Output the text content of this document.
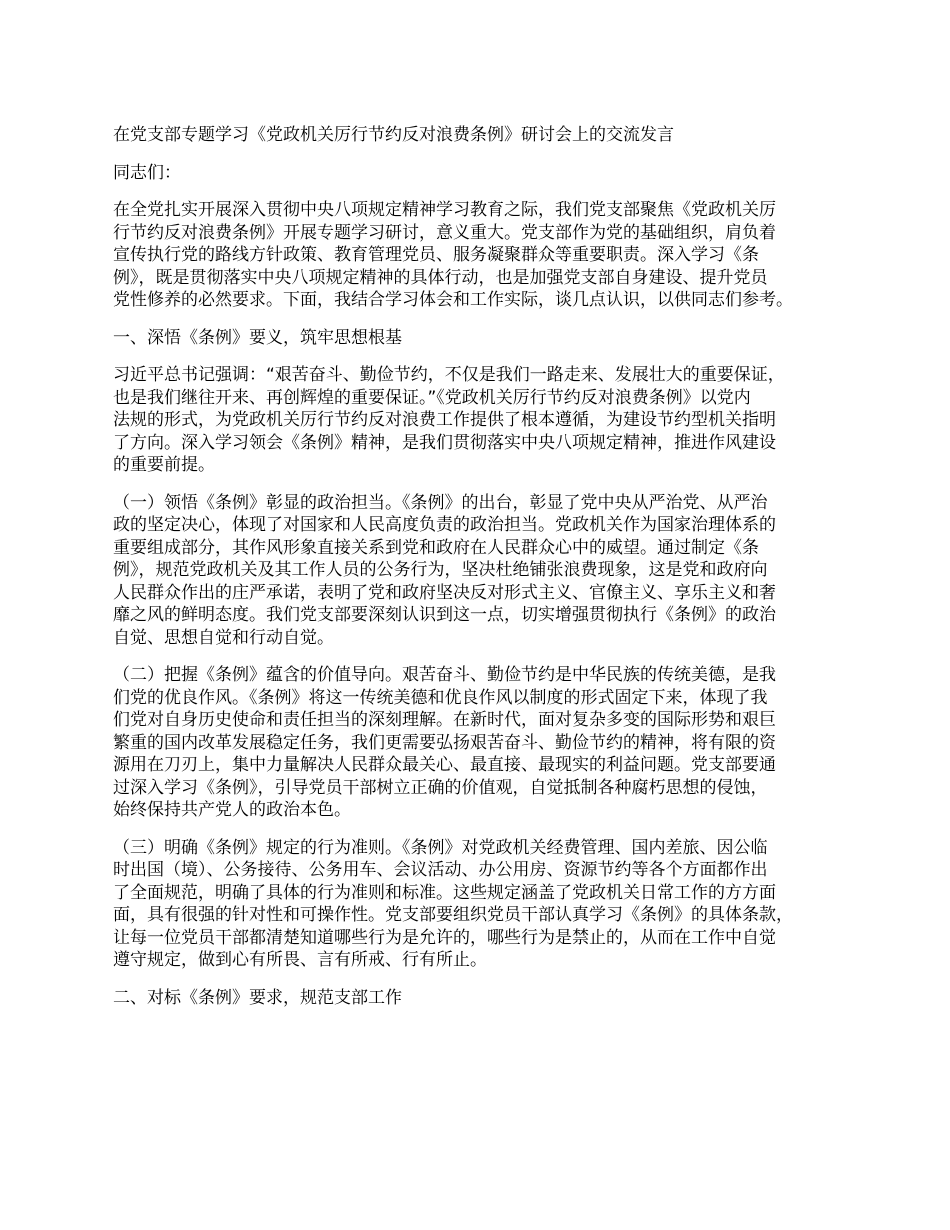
在党支部专题学习《党政机关厉行节约反对浪费条例》研讨会上的交流发言

同志们：

在全党扎实开展深入贯彻中央八项规定精神学习教育之际，我们党支部聚焦《党政机关厉

行节约反对浪费条例》开展专题学习研讨，意义重大。党支部作为党的基础组织，肩负着

宣传执行党的路线方针政策、教育管理党员、服务凝聚群众等重要职责。深入学习《条

例》，既是贯彻落实中央八项规定精神的具体行动，也是加强党支部自身建设、提升党员

党性修养的必然要求。下面，我结合学习体会和工作实际，谈几点认识，以供同志们参考。

一、深悟《条例》要义，筑牢思想根基

习近平总书记强调：“艰苦奋斗、勤俭节约，不仅是我们一路走来、发展壮大的重要保证，

也是我们继往开来、再创辉煌的重要保证。”《党政机关厉行节约反对浪费条例》以党内

法规的形式，为党政机关厉行节约反对浪费工作提供了根本遵循，为建设节约型机关指明

了方向。深入学习领会《条例》精神，是我们贯彻落实中央八项规定精神，推进作风建设

的重要前提。

（一）领悟《条例》彰显的政治担当。《条例》的出台，彰显了党中央从严治党、从严治

政的坚定决心，体现了对国家和人民高度负责的政治担当。党政机关作为国家治理体系的

重要组成部分，其作风形象直接关系到党和政府在人民群众心中的威望。通过制定《条

例》，规范党政机关及其工作人员的公务行为，坚决杜绝铺张浪费现象，这是党和政府向

人民群众作出的庄严承诺，表明了党和政府坚决反对形式主义、官僚主义、享乐主义和奢

靡之风的鲜明态度。我们党支部要深刻认识到这一点，切实增强贯彻执行《条例》的政治

自觉、思想自觉和行动自觉。

（二）把握《条例》蕴含的价值导向。艰苦奋斗、勤俭节约是中华民族的传统美德，是我

们党的优良作风。《条例》将这一传统美德和优良作风以制度的形式固定下来，体现了我

们党对自身历史使命和责任担当的深刻理解。在新时代，面对复杂多变的国际形势和艰巨

繁重的国内改革发展稳定任务，我们更需要弘扬艰苦奋斗、勤俭节约的精神，将有限的资

源用在刀刃上，集中力量解决人民群众最关心、最直接、最现实的利益问题。党支部要通

过深入学习《条例》，引导党员干部树立正确的价值观，自觉抵制各种腐朽思想的侵蚀，

始终保持共产党人的政治本色。

（三）明确《条例》规定的行为准则。《条例》对党政机关经费管理、国内差旅、因公临

时出国（境）、公务接待、公务用车、会议活动、办公用房、资源节约等各个方面都作出

了全面规范，明确了具体的行为准则和标准。这些规定涵盖了党政机关日常工作的方方面

面，具有很强的针对性和可操作性。党支部要组织党员干部认真学习《条例》的具体条款，

让每一位党员干部都清楚知道哪些行为是允许的，哪些行为是禁止的，从而在工作中自觉

遵守规定，做到心有所畏、言有所戒、行有所止。

二、对标《条例》要求，规范支部工作
